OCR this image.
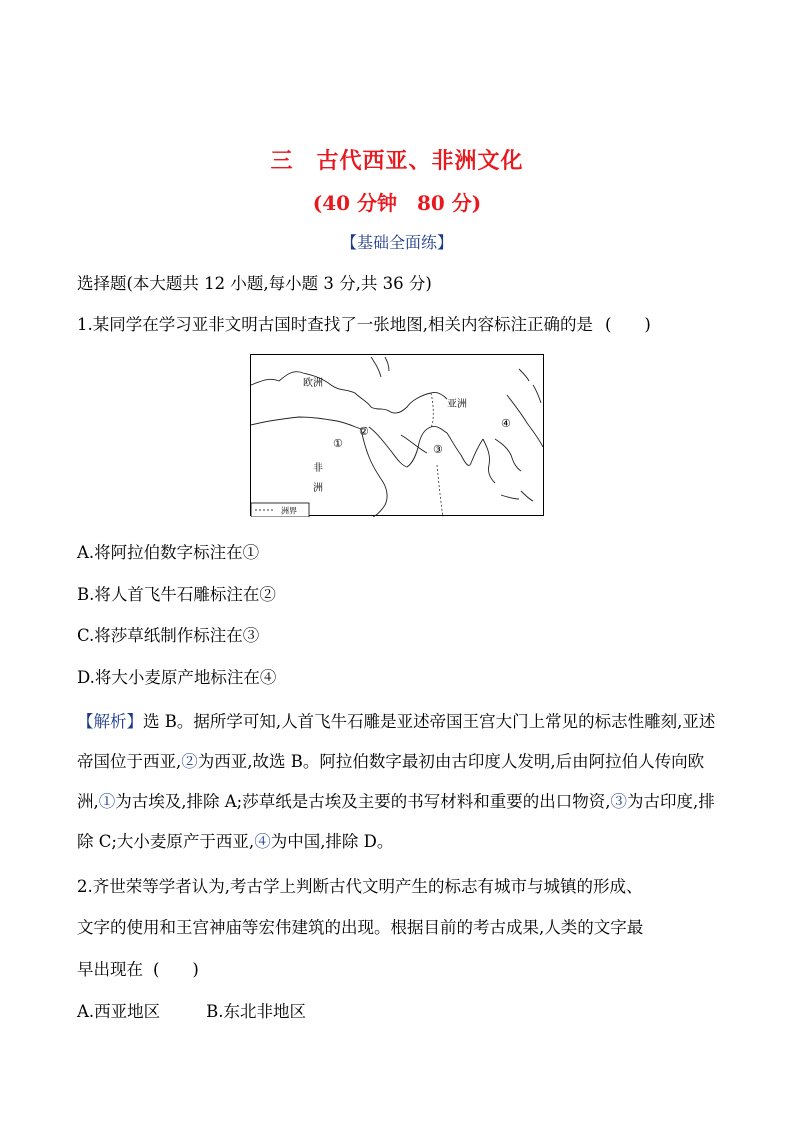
三　古代西亚、非洲文化
(40 分钟　80 分)
【基础全面练】
选择题(本大题共 12 小题,每小题 3 分,共 36 分)
1.某同学在学习亚非文明古国时查找了一张地图,相关内容标注正确的是 (　　)
欧洲
亚洲
非
洲
①
②
③
④
洲界
A.将阿拉伯数字标注在①
B.将人首飞牛石雕标注在②
C.将莎草纸制作标注在③
D.将大小麦原产地标注在④
【解析】选 B。据所学可知,人首飞牛石雕是亚述帝国王宫大门上常见的标志性雕刻,亚述帝国位于西亚,②为西亚,故选 B。阿拉伯数字最初由古印度人发明,后由阿拉伯人传向欧洲,①为古埃及,排除 A;莎草纸是古埃及主要的书写材料和重要的出口物资,③为古印度,排除 C;大小麦原产于西亚,④为中国,排除 D。
2.齐世荣等学者认为,考古学上判断古代文明产生的标志有城市与城镇的形成、
文字的使用和王宫神庙等宏伟建筑的出现。根据目前的考古成果,人类的文字最
早出现在 (　　)
A.西亚地区	B.东北非地区
